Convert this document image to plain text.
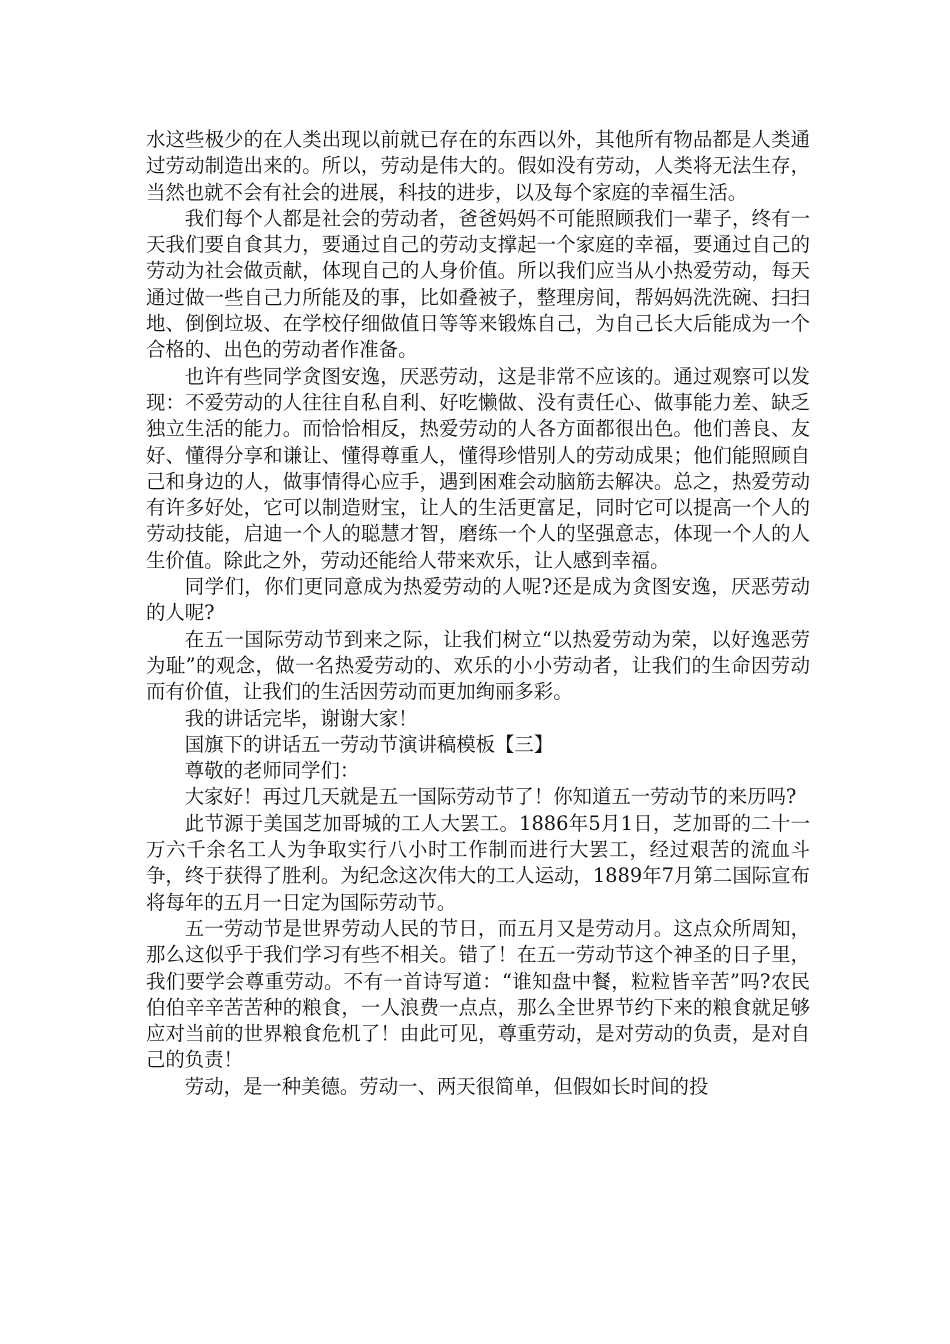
水这些极少的在人类出现以前就已存在的东西以外，其他所有物品都是人类通过劳动制造出来的。所以，劳动是伟大的。假如没有劳动，人类将无法生存，当然也就不会有社会的进展，科技的进步，以及每个家庭的幸福生活。

我们每个人都是社会的劳动者，爸爸妈妈不可能照顾我们一辈子，终有一天我们要自食其力，要通过自己的劳动支撑起一个家庭的幸福，要通过自己的劳动为社会做贡献，体现自己的人身价值。所以我们应当从小热爱劳动，每天通过做一些自己力所能及的事，比如叠被子，整理房间，帮妈妈洗洗碗、扫扫地、倒倒垃圾、在学校仔细做值日等等来锻炼自己，为自己长大后能成为一个合格的、出色的劳动者作准备。

也许有些同学贪图安逸，厌恶劳动，这是非常不应该的。通过观察可以发现：不爱劳动的人往往自私自利、好吃懒做、没有责任心、做事能力差、缺乏独立生活的能力。而恰恰相反，热爱劳动的人各方面都很出色。他们善良、友好、懂得分享和谦让、懂得尊重人，懂得珍惜别人的劳动成果；他们能照顾自己和身边的人，做事情得心应手，遇到困难会动脑筋去解决。总之，热爱劳动有许多好处，它可以制造财宝，让人的生活更富足，同时它可以提高一个人的劳动技能，启迪一个人的聪慧才智，磨练一个人的坚强意志，体现一个人的人生价值。除此之外，劳动还能给人带来欢乐，让人感到幸福。

同学们，你们更同意成为热爱劳动的人呢?还是成为贪图安逸，厌恶劳动的人呢?

在五一国际劳动节到来之际，让我们树立“以热爱劳动为荣，以好逸恶劳为耻”的观念，做一名热爱劳动的、欢乐的小小劳动者，让我们的生命因劳动而有价值，让我们的生活因劳动而更加绚丽多彩。

我的讲话完毕，谢谢大家！

国旗下的讲话五一劳动节演讲稿模板【三】

尊敬的老师同学们：

大家好！再过几天就是五一国际劳动节了！你知道五一劳动节的来历吗?

此节源于美国芝加哥城的工人大罢工。1886年5月1日，芝加哥的二十一万六千余名工人为争取实行八小时工作制而进行大罢工，经过艰苦的流血斗争，终于获得了胜利。为纪念这次伟大的工人运动，1889年7月第二国际宣布将每年的五月一日定为国际劳动节。

五一劳动节是世界劳动人民的节日，而五月又是劳动月。这点众所周知，那么这似乎于我们学习有些不相关。错了！在五一劳动节这个神圣的日子里，我们要学会尊重劳动。不有一首诗写道：“谁知盘中餐，粒粒皆辛苦”吗?农民伯伯辛辛苦苦种的粮食，一人浪费一点点，那么全世界节约下来的粮食就足够应对当前的世界粮食危机了！由此可见，尊重劳动，是对劳动的负责，是对自己的负责！

劳动，是一种美德。劳动一、两天很简单，但假如长时间的投
